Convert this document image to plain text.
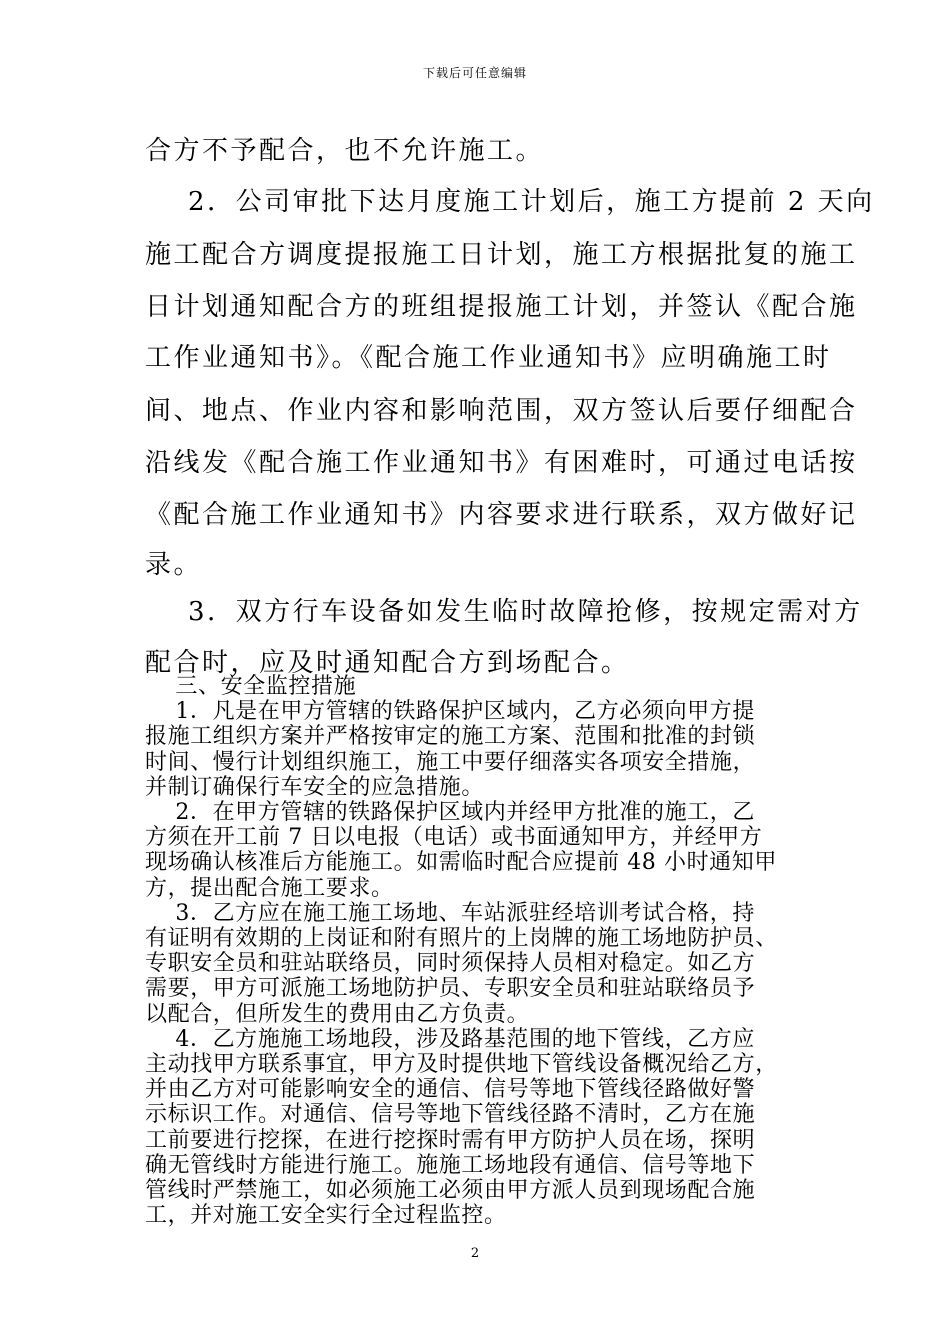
下载后可任意编辑
合方不予配合，也不允许施工。
2．公司审批下达月度施工计划后，施工方提前 2 天向
施工配合方调度提报施工日计划，施工方根据批复的施工
日计划通知配合方的班组提报施工计划，并签认《配合施
工作业通知书》。《配合施工作业通知书》应明确施工时
间、地点、作业内容和影响范围，双方签认后要仔细配合
沿线发《配合施工作业通知书》有困难时，可通过电话按
《配合施工作业通知书》内容要求进行联系，双方做好记
录。
3．双方行车设备如发生临时故障抢修，按规定需对方
配合时，应及时通知配合方到场配合。
三、安全监控措施
1．凡是在甲方管辖的铁路保护区域内，乙方必须向甲方提
报施工组织方案并严格按审定的施工方案、范围和批准的封锁
时间、慢行计划组织施工，施工中要仔细落实各项安全措施，
并制订确保行车安全的应急措施。
2．在甲方管辖的铁路保护区域内并经甲方批准的施工，乙
方须在开工前 7 日以电报（电话）或书面通知甲方，并经甲方
现场确认核准后方能施工。如需临时配合应提前 48 小时通知甲
方，提出配合施工要求。
3．乙方应在施工施工场地、车站派驻经培训考试合格，持
有证明有效期的上岗证和附有照片的上岗牌的施工场地防护员、
专职安全员和驻站联络员，同时须保持人员相对稳定。如乙方
需要，甲方可派施工场地防护员、专职安全员和驻站联络员予
以配合，但所发生的费用由乙方负责。
4．乙方施施工场地段，涉及路基范围的地下管线，乙方应
主动找甲方联系事宜，甲方及时提供地下管线设备概况给乙方，
并由乙方对可能影响安全的通信、信号等地下管线径路做好警
示标识工作。对通信、信号等地下管线径路不清时，乙方在施
工前要进行挖探，在进行挖探时需有甲方防护人员在场，探明
确无管线时方能进行施工。施施工场地段有通信、信号等地下
管线时严禁施工，如必须施工必须由甲方派人员到现场配合施
工，并对施工安全实行全过程监控。
2
